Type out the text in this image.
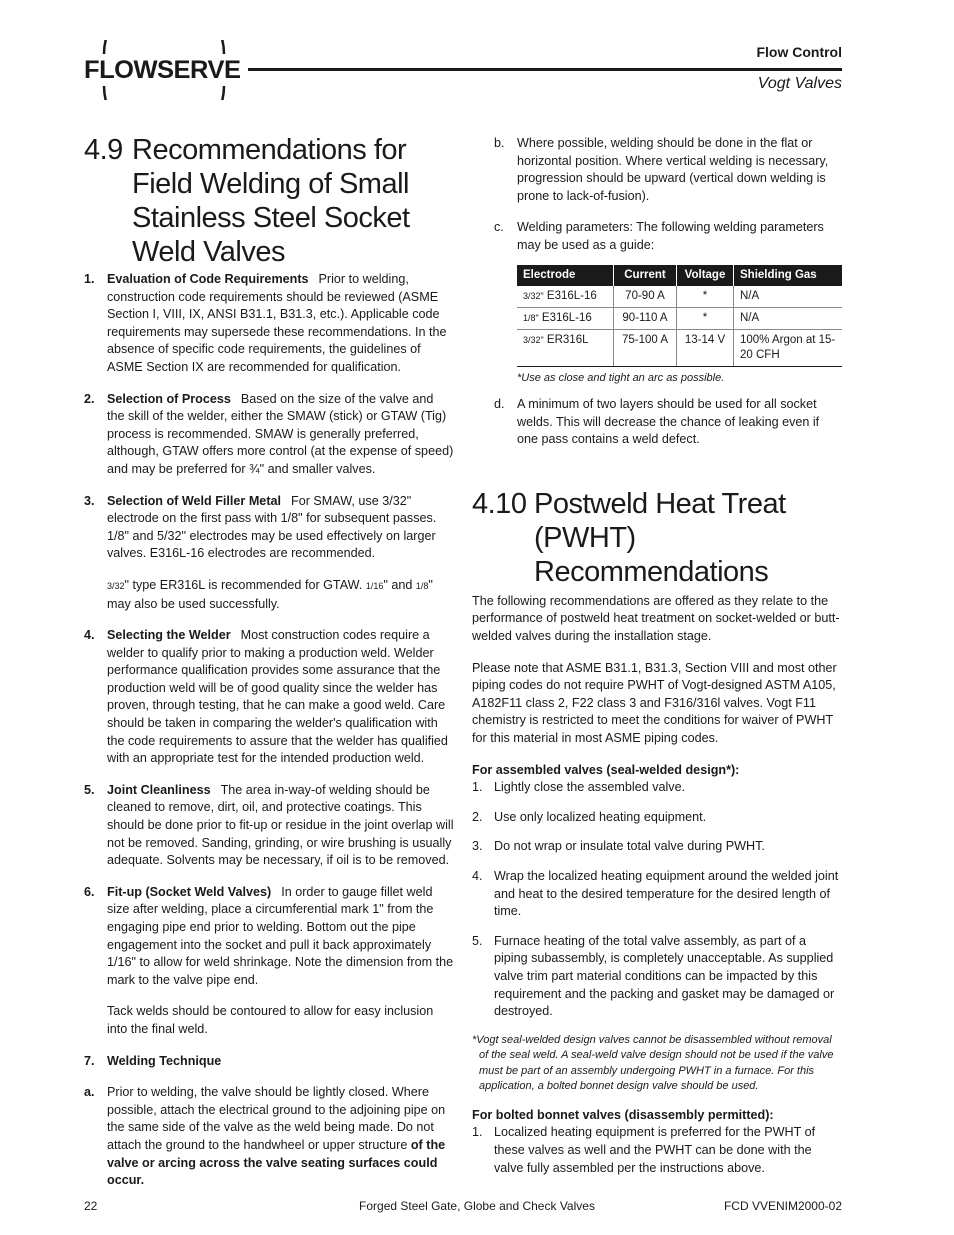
FLOWSERVE
Flow Control
Vogt Valves
4.9 Recommendations for Field Welding of Small Stainless Steel Socket Weld Valves

1. Evaluation of Code Requirements Prior to welding, construction code requirements should be reviewed (ASME Section I, VIII, IX, ANSI B31.1, B31.3, etc.). Applicable code requirements may supersede these recommendations. In the absence of specific code requirements, the guidelines of ASME Section IX are recommended for qualification.

2. Selection of Process Based on the size of the valve and the skill of the welder, either the SMAW (stick) or GTAW (Tig) process is recommended. SMAW is generally preferred, although, GTAW offers more control (at the expense of speed) and may be preferred for ¾" and smaller valves.

3. Selection of Weld Filler Metal For SMAW, use 3/32" electrode on the first pass with 1/8" for subsequent passes. 1/8" and 5/32" electrodes may be used effectively on larger valves. E316L-16 electrodes are recommended.

3/32" type ER316L is recommended for GTAW. 1/16" and 1/8" may also be used successfully.

4. Selecting the Welder Most construction codes require a welder to qualify prior to making a production weld. Welder performance qualification provides some assurance that the production weld will be of good quality since the welder has proven, through testing, that he can make a good weld. Care should be taken in comparing the welder's qualification with the code requirements to assure that the welder has qualified with an appropriate test for the intended production weld.

5. Joint Cleanliness The area in-way-of welding should be cleaned to remove, dirt, oil, and protective coatings. This should be done prior to fit-up or residue in the joint overlap will not be removed. Sanding, grinding, or wire brushing is usually adequate. Solvents may be necessary, if oil is to be removed.

6. Fit-up (Socket Weld Valves) In order to gauge fillet weld size after welding, place a circumferential mark 1" from the engaging pipe end prior to welding. Bottom out the pipe engagement into the socket and pull it back approximately 1/16" to allow for weld shrinkage. Note the dimension from the mark to the valve pipe end.

Tack welds should be contoured to allow for easy inclusion into the final weld.

7. Welding Technique

a. Prior to welding, the valve should be lightly closed. Where possible, attach the electrical ground to the adjoining pipe on the same side of the valve as the weld being made. Do not attach the ground to the handwheel or upper structure of the valve or arcing across the valve seating surfaces could occur.

b. Where possible, welding should be done in the flat or horizontal position. Where vertical welding is necessary, progression should be upward (vertical down welding is prone to lack-of-fusion).

c. Welding parameters: The following welding parameters may be used as a guide:

Electrode	Current	Voltage	Shielding Gas
3/32" E316L-16	70-90 A	*	N/A
1/8" E316L-16	90-110 A	*	N/A
3/32" ER316L	75-100 A	13-14 V	100% Argon at 15-20 CFH

*Use as close and tight an arc as possible.

d. A minimum of two layers should be used for all socket welds. This will decrease the chance of leaking even if one pass contains a weld defect.

4.10 Postweld Heat Treat (PWHT) Recommendations

The following recommendations are offered as they relate to the performance of postweld heat treatment on socket-welded or butt-welded valves during the installation stage.

Please note that ASME B31.1, B31.3, Section VIII and most other piping codes do not require PWHT of Vogt-designed ASTM A105, A182F11 class 2, F22 class 3 and F316/316l valves. Vogt F11 chemistry is restricted to meet the conditions for waiver of PWHT for this material in most ASME piping codes.

For assembled valves (seal-welded design*):

1. Lightly close the assembled valve.

2. Use only localized heating equipment.

3. Do not wrap or insulate total valve during PWHT.

4. Wrap the localized heating equipment around the welded joint and heat to the desired temperature for the desired length of time.

5. Furnace heating of the total valve assembly, as part of a piping subassembly, is completely unacceptable. As supplied valve trim part material conditions can be impacted by this requirement and the packing and gasket may be damaged or destroyed.

*Vogt seal-welded design valves cannot be disassembled without removal of the seal weld. A seal-weld valve design should not be used if the valve must be part of an assembly undergoing PWHT in a furnace. For this application, a bolted bonnet design valve should be used.

For bolted bonnet valves (disassembly permitted):

1. Localized heating equipment is preferred for the PWHT of these valves as well and the PWHT can be done with the valve fully assembled per the instructions above.

22	Forged Steel Gate, Globe and Check Valves	FCD VVENIM2000-02
